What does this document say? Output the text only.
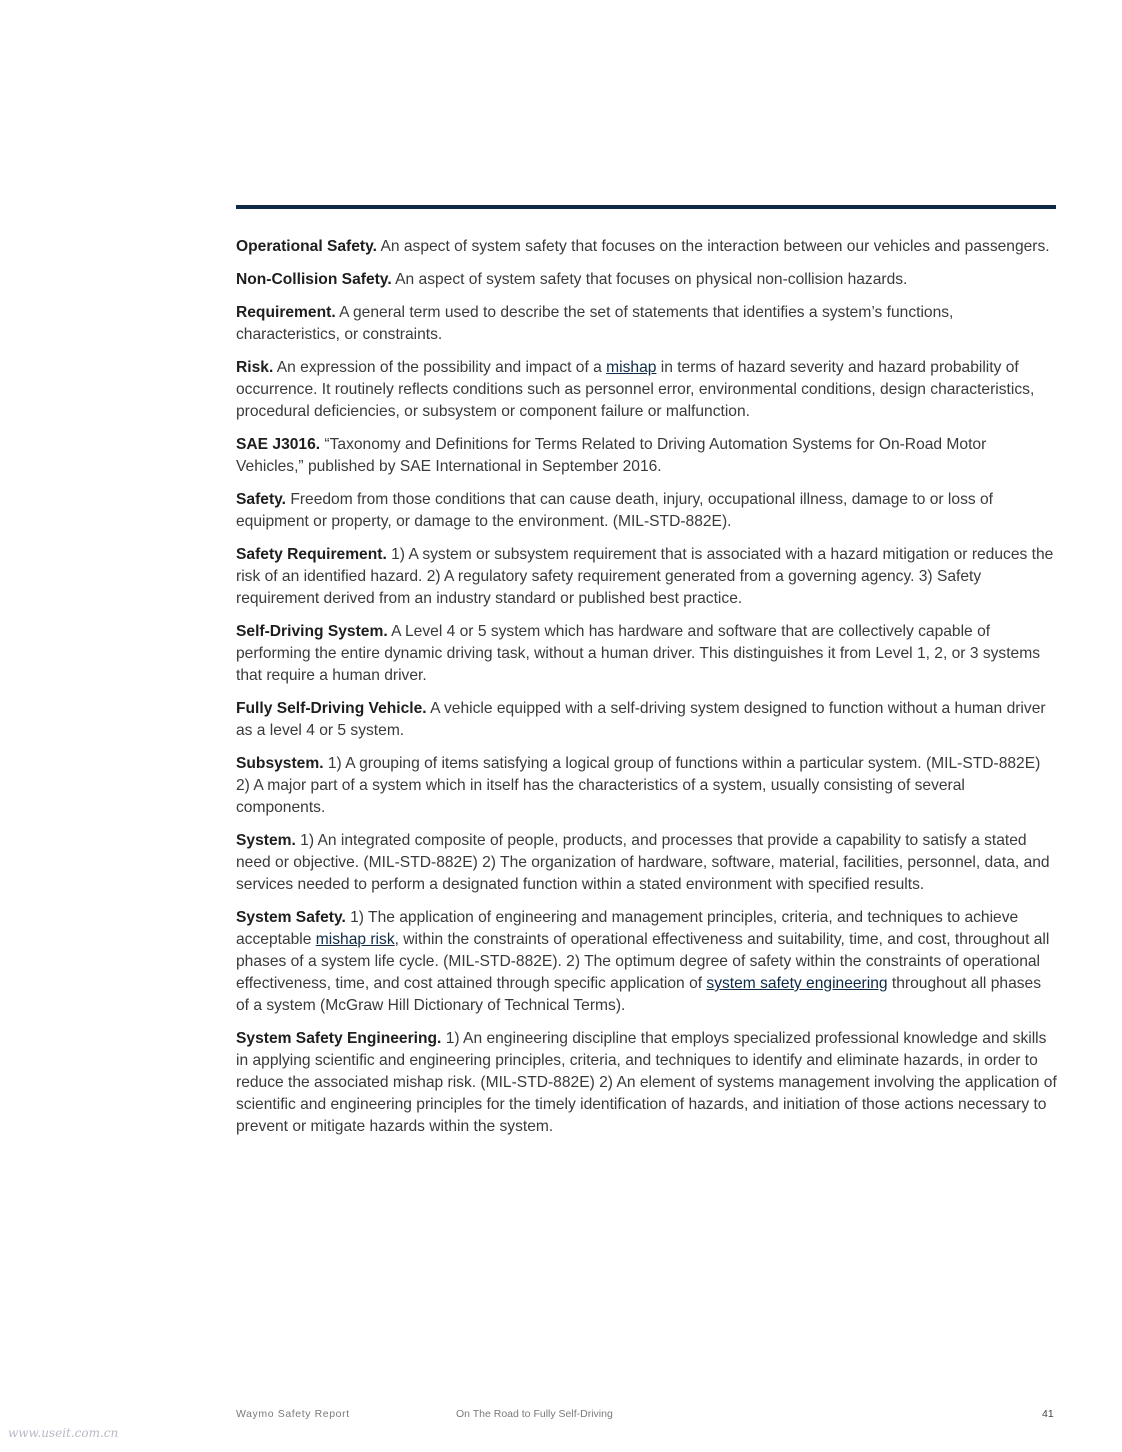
Operational Safety. An aspect of system safety that focuses on the interaction between our vehicles and passengers.

Non-Collision Safety. An aspect of system safety that focuses on physical non-collision hazards.

Requirement. A general term used to describe the set of statements that identifies a system’s functions, characteristics, or constraints.

Risk. An expression of the possibility and impact of a mishap in terms of hazard severity and hazard probability of occurrence. It routinely reflects conditions such as personnel error, environmental conditions, design characteristics, procedural deficiencies, or subsystem or component failure or malfunction.

SAE J3016. “Taxonomy and Definitions for Terms Related to Driving Automation Systems for On-Road Motor Vehicles,” published by SAE International in September 2016.

Safety. Freedom from those conditions that can cause death, injury, occupational illness, damage to or loss of equipment or property, or damage to the environment. (MIL-STD-882E).

Safety Requirement. 1) A system or subsystem requirement that is associated with a hazard mitigation or reduces the risk of an identified hazard. 2) A regulatory safety requirement generated from a governing agency. 3) Safety requirement derived from an industry standard or published best practice.

Self-Driving System. A Level 4 or 5 system which has hardware and software that are collectively capable of performing the entire dynamic driving task, without a human driver. This distinguishes it from Level 1, 2, or 3 systems that require a human driver.

Fully Self-Driving Vehicle. A vehicle equipped with a self-driving system designed to function without a human driver as a level 4 or 5 system.

Subsystem. 1) A grouping of items satisfying a logical group of functions within a particular system. (MIL-STD-882E) 2) A major part of a system which in itself has the characteristics of a system, usually consisting of several components.

System. 1) An integrated composite of people, products, and processes that provide a capability to satisfy a stated need or objective. (MIL-STD-882E) 2) The organization of hardware, software, material, facilities, personnel, data, and services needed to perform a designated function within a stated environment with specified results.

System Safety. 1) The application of engineering and management principles, criteria, and techniques to achieve acceptable mishap risk, within the constraints of operational effectiveness and suitability, time, and cost, throughout all phases of a system life cycle. (MIL-STD-882E). 2) The optimum degree of safety within the constraints of operational effectiveness, time, and cost attained through specific application of system safety engineering throughout all phases of a system (McGraw Hill Dictionary of Technical Terms).

System Safety Engineering. 1) An engineering discipline that employs specialized professional knowledge and skills in applying scientific and engineering principles, criteria, and techniques to identify and eliminate hazards, in order to reduce the associated mishap risk. (MIL-STD-882E) 2) An element of systems management involving the application of scientific and engineering principles for the timely identification of hazards, and initiation of those actions necessary to prevent or mitigate hazards within the system.

Waymo Safety Report	On The Road to Fully Self-Driving	41
www.useit.com.cn
